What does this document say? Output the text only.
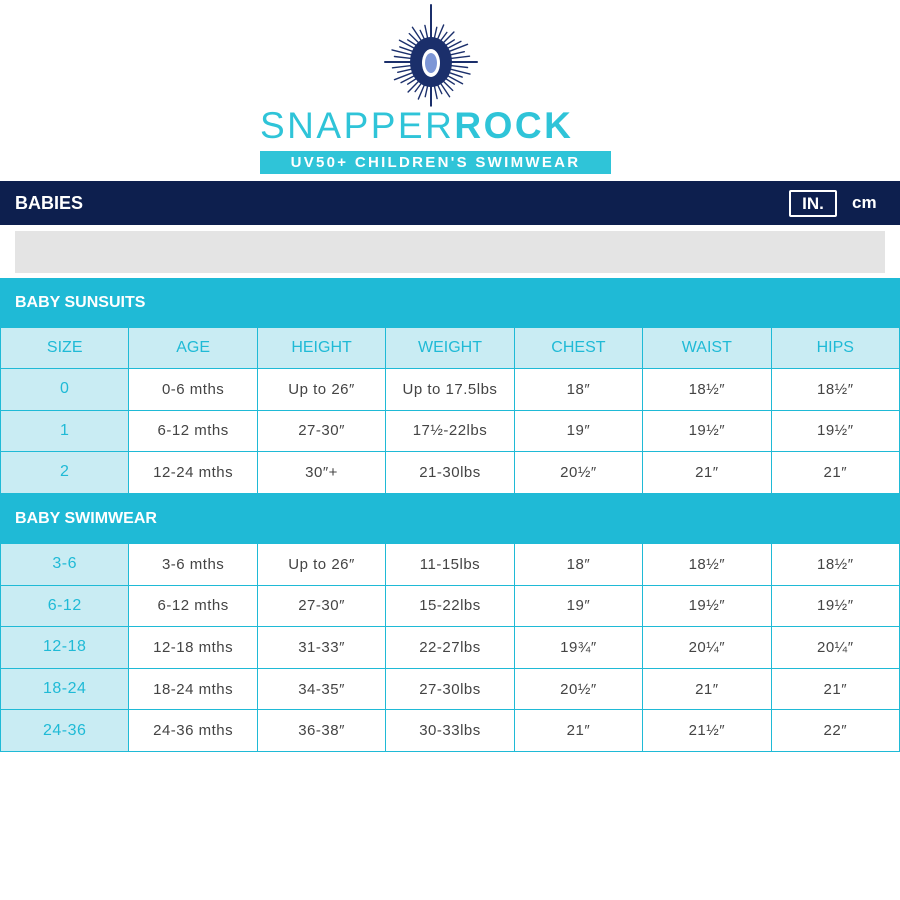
SNAPPERROCK
UV50+ CHILDREN'S SWIMWEAR
BABIES	IN.	cm
BABY SUNSUITS
SIZE	AGE	HEIGHT	WEIGHT	CHEST	WAIST	HIPS
0	0-6 mths	Up to 26″	Up to 17.5lbs	18″	18½″	18½″
1	6-12 mths	27-30″	17½-22lbs	19″	19½″	19½″
2	12-24 mths	30″+	21-30lbs	20½″	21″	21″
BABY SWIMWEAR
3-6	3-6 mths	Up to 26″	11-15lbs	18″	18½″	18½″
6-12	6-12 mths	27-30″	15-22lbs	19″	19½″	19½″
12-18	12-18 mths	31-33″	22-27lbs	19¾″	20¼″	20¼″
18-24	18-24 mths	34-35″	27-30lbs	20½″	21″	21″
24-36	24-36 mths	36-38″	30-33lbs	21″	21½″	22″
